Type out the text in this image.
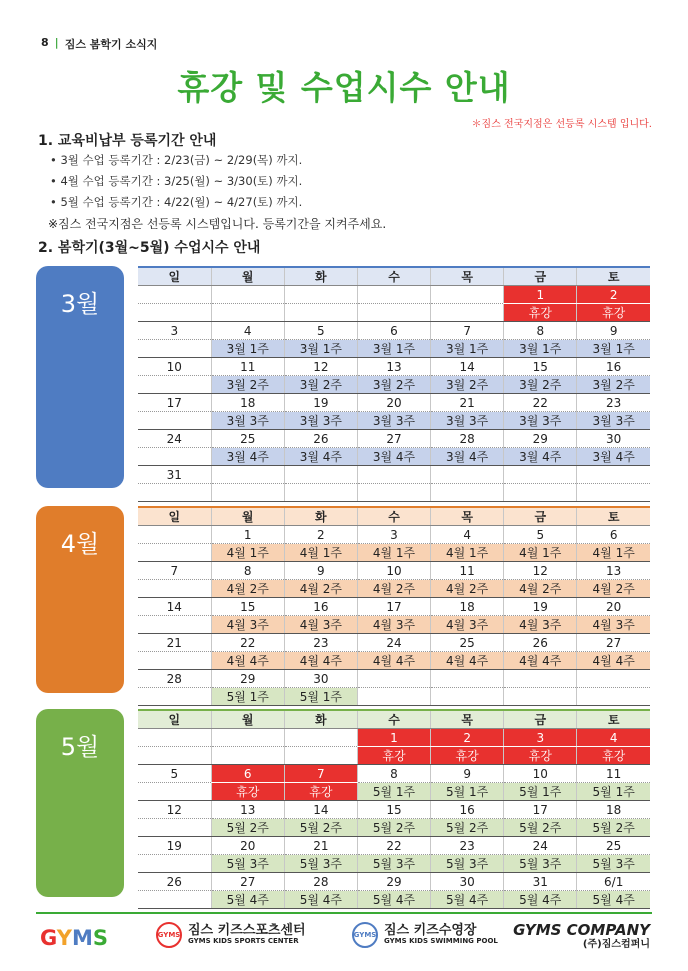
8 | 짐스 봄학기 소식지
휴강 및 수업시수 안내
＊짐스 전국지점은 선등록 시스템 입니다.
1. 교육비납부 등록기간 안내
• 3월 수업 등록기간 : 2/23(금) ~ 2/29(목) 까지.
• 4월 수업 등록기간 : 3/25(월) ~ 3/30(토) 까지.
• 5월 수업 등록기간 : 4/22(월) ~ 4/27(토) 까지.
※짐스 전국지점은 선등록 시스템입니다. 등록기간을 지켜주세요.
2. 봄학기(3월~5월) 수업시수 안내
3월
일	월	화	수	목	금	토
					1	2
					휴강	휴강
3	4	5	6	7	8	9
	3월 1주	3월 1주	3월 1주	3월 1주	3월 1주	3월 1주
10	11	12	13	14	15	16
	3월 2주	3월 2주	3월 2주	3월 2주	3월 2주	3월 2주
17	18	19	20	21	22	23
	3월 3주	3월 3주	3월 3주	3월 3주	3월 3주	3월 3주
24	25	26	27	28	29	30
	3월 4주	3월 4주	3월 4주	3월 4주	3월 4주	3월 4주
31						

4월
일	월	화	수	목	금	토
	1	2	3	4	5	6
	4월 1주	4월 1주	4월 1주	4월 1주	4월 1주	4월 1주
7	8	9	10	11	12	13
	4월 2주	4월 2주	4월 2주	4월 2주	4월 2주	4월 2주
14	15	16	17	18	19	20
	4월 3주	4월 3주	4월 3주	4월 3주	4월 3주	4월 3주
21	22	23	24	25	26	27
	4월 4주	4월 4주	4월 4주	4월 4주	4월 4주	4월 4주
28	29	30				
	5월 1주	5월 1주				
5월
일	월	화	수	목	금	토
			1	2	3	4
			휴강	휴강	휴강	휴강
5	6	7	8	9	10	11
	휴강	휴강	5월 1주	5월 1주	5월 1주	5월 1주
12	13	14	15	16	17	18
	5월 2주	5월 2주	5월 2주	5월 2주	5월 2주	5월 2주
19	20	21	22	23	24	25
	5월 3주	5월 3주	5월 3주	5월 3주	5월 3주	5월 3주
26	27	28	29	30	31	6/1
	5월 4주	5월 4주	5월 4주	5월 4주	5월 4주	5월 4주
GYMS	GYMS 짐스 키즈스포츠센터
GYMS KIDS SPORTS CENTER
GYMS 짐스 키즈수영장
GYMS KIDS SWIMMING POOL
GYMS COMPANY
(주)짐스컴퍼니
